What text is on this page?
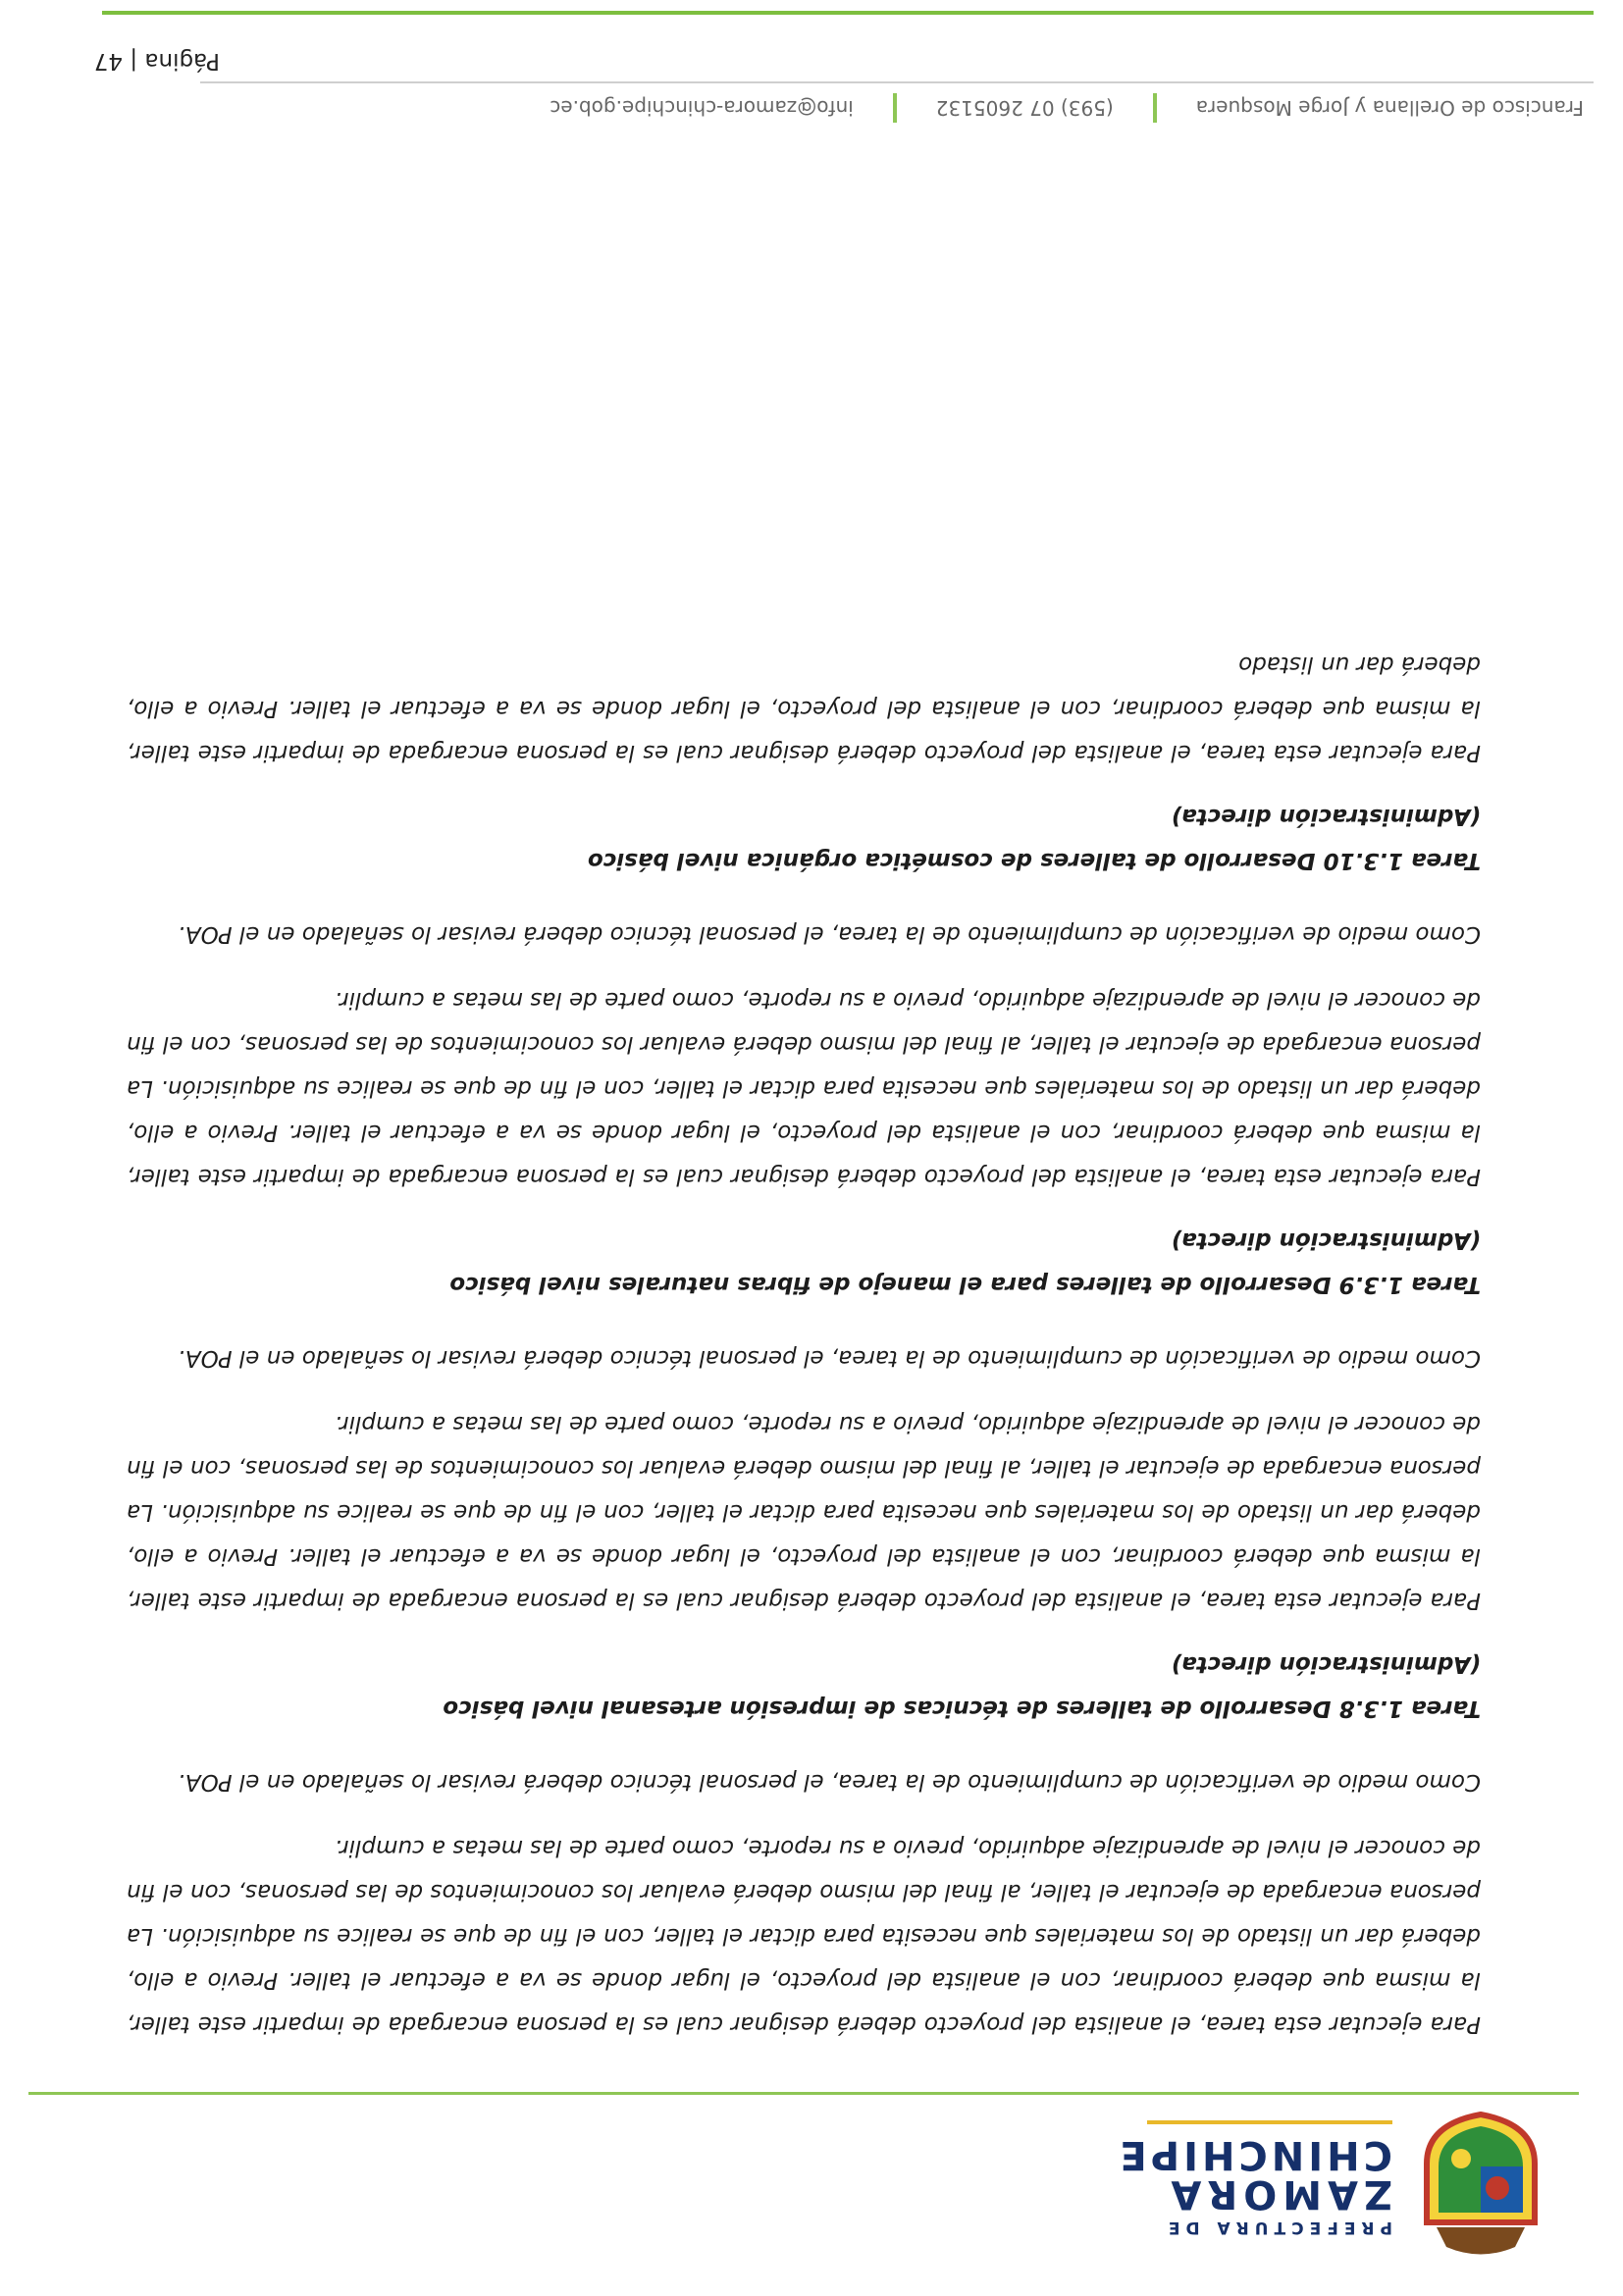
PREFECTURA DE
ZAMORA
CHINCHIPE

Para ejecutar esta tarea, el analista del proyecto deberá designar cual es la persona encargada de impartir este taller, la misma que deberá coordinar, con el analista del proyecto, el lugar donde se va a efectuar el taller. Previo a ello, deberá dar un listado de los materiales que necesita para dictar el taller, con el fin de que se realice su adquisición. La persona encargada de ejecutar el taller, al final del mismo deberá evaluar los conocimientos de las personas, con el fin de conocer el nivel de aprendizaje adquirido, previo a su reporte, como parte de las metas a cumplir.

Como medio de verificación de cumplimiento de la tarea, el personal técnico deberá revisar lo señalado en el POA.

Tarea 1.3.8 Desarrollo de talleres de técnicas de impresión artesanal nivel básico
(Administración directa)

Para ejecutar esta tarea, el analista del proyecto deberá designar cual es la persona encargada de impartir este taller, la misma que deberá coordinar, con el analista del proyecto, el lugar donde se va a efectuar el taller. Previo a ello, deberá dar un listado de los materiales que necesita para dictar el taller, con el fin de que se realice su adquisición. La persona encargada de ejecutar el taller, al final del mismo deberá evaluar los conocimientos de las personas, con el fin de conocer el nivel de aprendizaje adquirido, previo a su reporte, como parte de las metas a cumplir.

Como medio de verificación de cumplimiento de la tarea, el personal técnico deberá revisar lo señalado en el POA.

Tarea 1.3.9 Desarrollo de talleres para el manejo de fibras naturales nivel básico
(Administración directa)

Para ejecutar esta tarea, el analista del proyecto deberá designar cual es la persona encargada de impartir este taller, la misma que deberá coordinar, con el analista del proyecto, el lugar donde se va a efectuar el taller. Previo a ello, deberá dar un listado de los materiales que necesita para dictar el taller, con el fin de que se realice su adquisición. La persona encargada de ejecutar el taller, al final del mismo deberá evaluar los conocimientos de las personas, con el fin de conocer el nivel de aprendizaje adquirido, previo a su reporte, como parte de las metas a cumplir.

Como medio de verificación de cumplimiento de la tarea, el personal técnico deberá revisar lo señalado en el POA.

Tarea 1.3.10 Desarrollo de talleres de cosmética orgánica nivel básico
(Administración directa)

Para ejecutar esta tarea, el analista del proyecto deberá designar cual es la persona encargada de impartir este taller, la misma que deberá coordinar, con el analista del proyecto, el lugar donde se va a efectuar el taller. Previo a ello, deberá dar un listado

Francisco de Orellana y Jorge Mosquera
(593) 07 2605132
info@zamora-chinchipe.gob.ec
Página | 47
